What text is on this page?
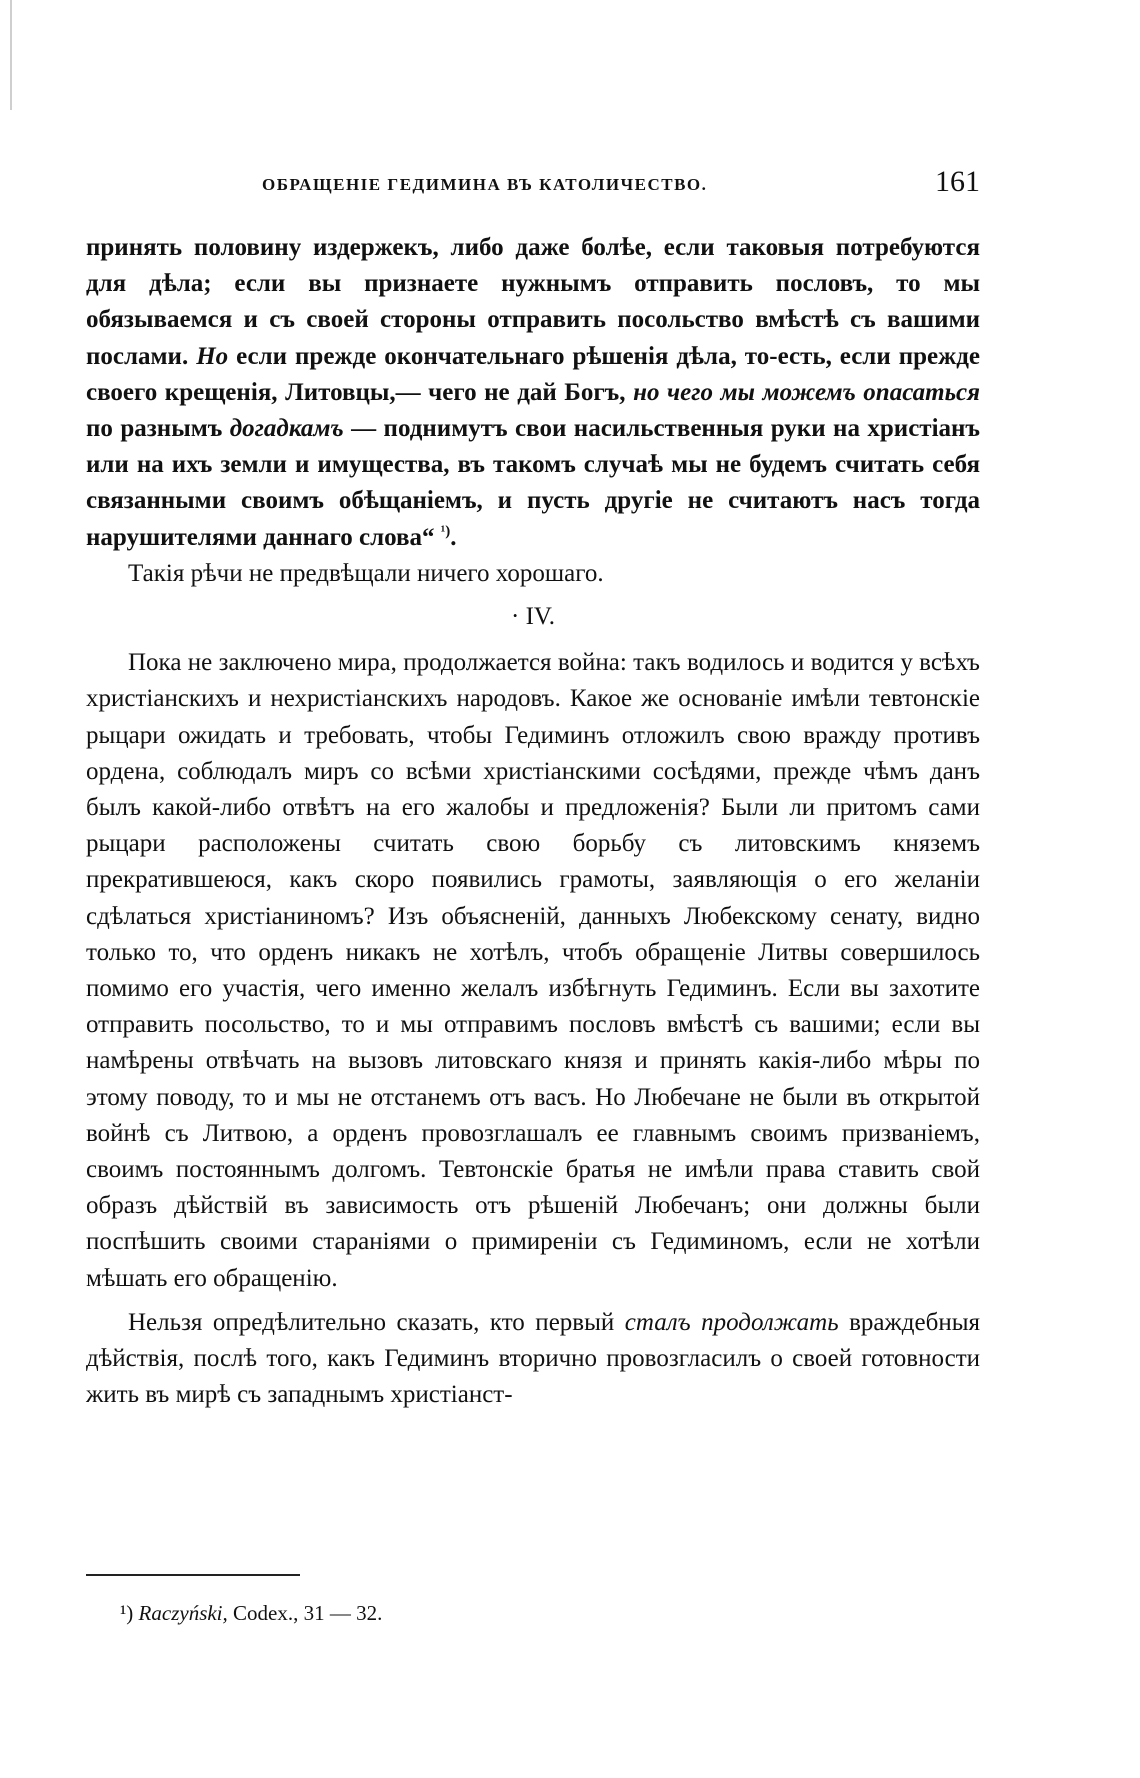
ОБРАЩЕНІЕ ГЕДИМИНА ВЪ КАТОЛИЧЕСТВО.	161

принять половину издержекъ, либо даже болѣе, если таковыя потребуются для дѣла; если вы признаете нужнымъ отправить пословъ, то мы обязываемся и съ своей стороны отправить посольство вмѣстѣ съ вашими послами. Но если прежде окончательнаго рѣшенія дѣла, то-есть, если прежде своего крещенія, Литовцы,— чего не дай Богъ, но чего мы можемъ опасаться по разнымъ догадкамъ — поднимутъ свои насильственныя руки на христіанъ или на ихъ земли и имущества, въ такомъ случаѣ мы не будемъ считать себя связанными своимъ обѣщаніемъ, и пусть другіе не считаютъ насъ тогда нарушителями даннаго слова“ $^{^1)}$.

Такія рѣчи не предвѣщали ничего хорошаго.

· IV.

Пока не заключено мира, продолжается война: такъ водилось и водится у всѣхъ христіанскихъ и нехристіанскихъ народовъ. Какое же основаніе имѣли тевтонскіе рыцари ожидать и требовать, чтобы Гедиминъ отложилъ свою вражду противъ ордена, соблюдалъ миръ со всѣми христіанскими сосѣдями, прежде чѣмъ данъ былъ какой-либо отвѣтъ на его жалобы и предложенія? Были ли притомъ сами рыцари расположены считать свою борьбу съ литовскимъ княземъ прекратившеюся, какъ скоро появились грамоты, заявляющія о его желаніи сдѣлаться христіаниномъ? Изъ объясненій, данныхъ Любекскому сенату, видно только то, что орденъ никакъ не хотѣлъ, чтобъ обращеніе Литвы совершилось помимо его участія, чего именно желалъ избѣгнуть Гедиминъ. Если вы захотите отправить посольство, то и мы отправимъ пословъ вмѣстѣ съ вашими; если вы намѣрены отвѣчать на вызовъ литовскаго князя и принять какія-либо мѣры по этому поводу, то и мы не отстанемъ отъ васъ. Но Любечане не были въ открытой войнѣ съ Литвою, а орденъ провозглашалъ ее главнымъ своимъ призваніемъ, своимъ постояннымъ долгомъ. Тевтонскіе братья не имѣли права ставить свой образъ дѣйствій въ зависимость отъ рѣшеній Любечанъ; они должны были поспѣшить своими стараніями о примиреніи съ Гедиминомъ, если не хотѣли мѣшать его обращенію.

Нельзя опредѣлительно сказать, кто первый сталъ продолжать враждебныя дѣйствія, послѣ того, какъ Гедиминъ вторично провозгласилъ о своей готовности жить въ мирѣ съ западнымъ христіанст-

¹) Raczyński, Codex., 31 — 32.
